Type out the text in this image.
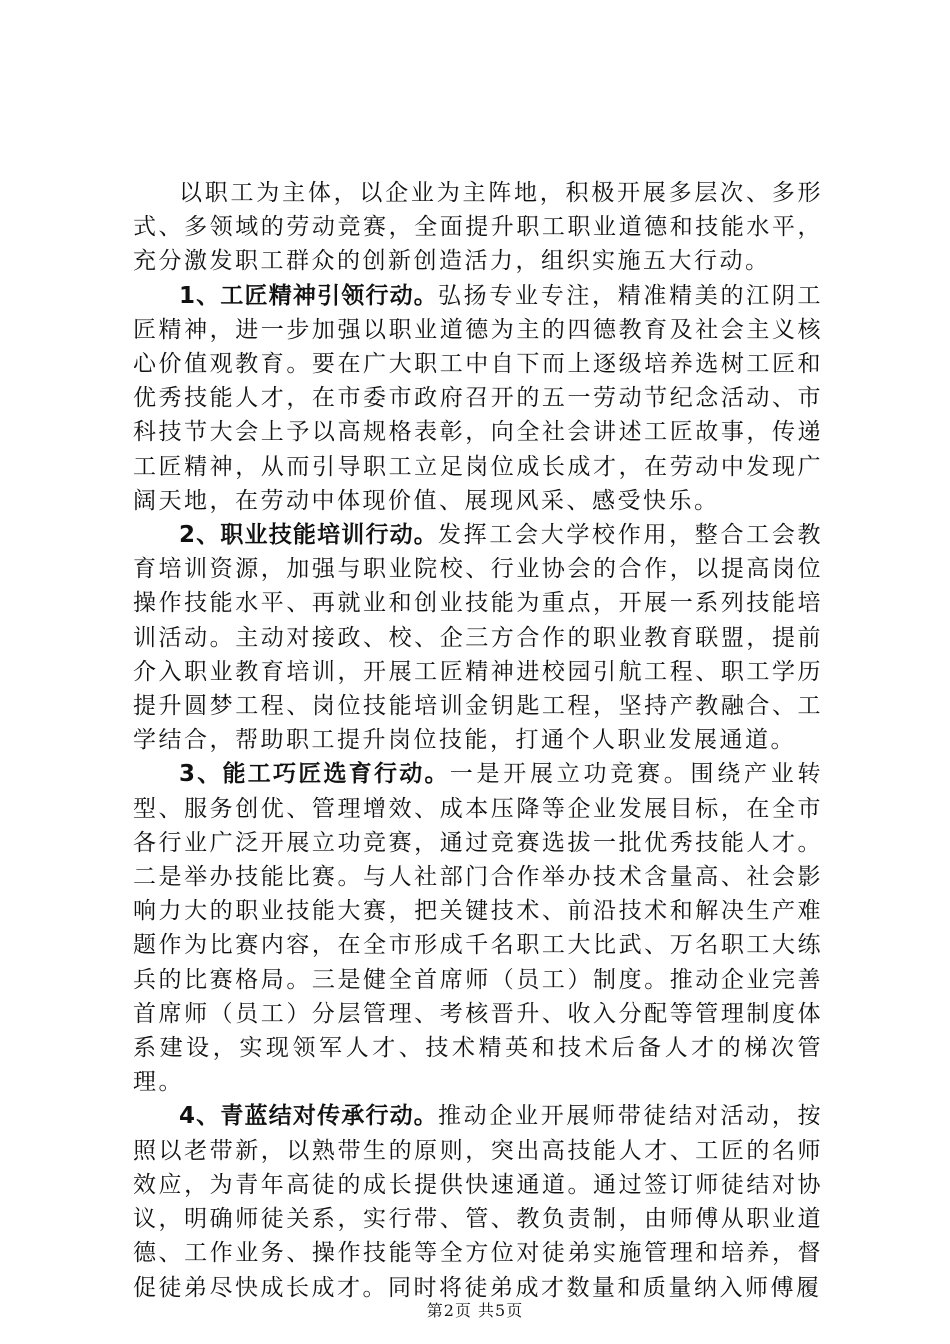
以职工为主体，以企业为主阵地，积极开展多层次、多形式、多领域的劳动竞赛，全面提升职工职业道德和技能水平，充分激发职工群众的创新创造活力，组织实施五大行动。

1、工匠精神引领行动。弘扬专业专注，精准精美的江阴工匠精神，进一步加强以职业道德为主的四德教育及社会主义核心价值观教育。要在广大职工中自下而上逐级培养选树工匠和优秀技能人才，在市委市政府召开的五一劳动节纪念活动、市科技节大会上予以高规格表彰，向全社会讲述工匠故事，传递工匠精神，从而引导职工立足岗位成长成才，在劳动中发现广阔天地，在劳动中体现价值、展现风采、感受快乐。

2、职业技能培训行动。发挥工会大学校作用，整合工会教育培训资源，加强与职业院校、行业协会的合作，以提高岗位操作技能水平、再就业和创业技能为重点，开展一系列技能培训活动。主动对接政、校、企三方合作的职业教育联盟，提前介入职业教育培训，开展工匠精神进校园引航工程、职工学历提升圆梦工程、岗位技能培训金钥匙工程，坚持产教融合、工学结合，帮助职工提升岗位技能，打通个人职业发展通道。

3、能工巧匠选育行动。一是开展立功竞赛。围绕产业转型、服务创优、管理增效、成本压降等企业发展目标，在全市各行业广泛开展立功竞赛，通过竞赛选拔一批优秀技能人才。二是举办技能比赛。与人社部门合作举办技术含量高、社会影响力大的职业技能大赛，把关键技术、前沿技术和解决生产难题作为比赛内容，在全市形成千名职工大比武、万名职工大练兵的比赛格局。三是健全首席师（员工）制度。推动企业完善首席师（员工）分层管理、考核晋升、收入分配等管理制度体系建设，实现领军人才、技术精英和技术后备人才的梯次管理。

4、青蓝结对传承行动。推动企业开展师带徒结对活动，按照以老带新，以熟带生的原则，突出高技能人才、工匠的名师效应，为青年高徒的成长提供快速通道。通过签订师徒结对协议，明确师徒关系，实行带、管、教负责制，由师傅从职业道德、工作业务、操作技能等全方位对徒弟实施管理和培养，督促徒弟尽快成长成才。同时将徒弟成才数量和质量纳入师傅履

第2页 共5页
